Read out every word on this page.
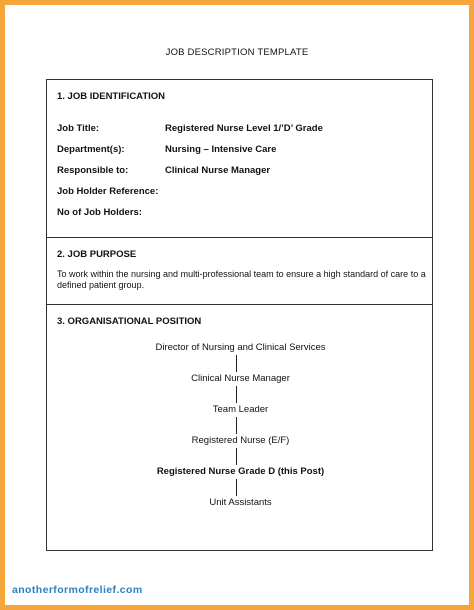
JOB DESCRIPTION TEMPLATE
1. JOB IDENTIFICATION
Job Title:	Registered Nurse Level 1/’D’ Grade
Department(s):	Nursing – Intensive Care
Responsible to:	Clinical Nurse Manager
Job Holder Reference:
No of Job Holders:
2. JOB PURPOSE
To work within the nursing and multi-professional team to ensure a high standard of care to a defined patient group.
3. ORGANISATIONAL POSITION
Director of Nursing and Clinical Services
Clinical Nurse Manager
Team Leader
Registered Nurse (E/F)
Registered Nurse Grade D (this Post)
Unit Assistants
anotherformofrelief.com
